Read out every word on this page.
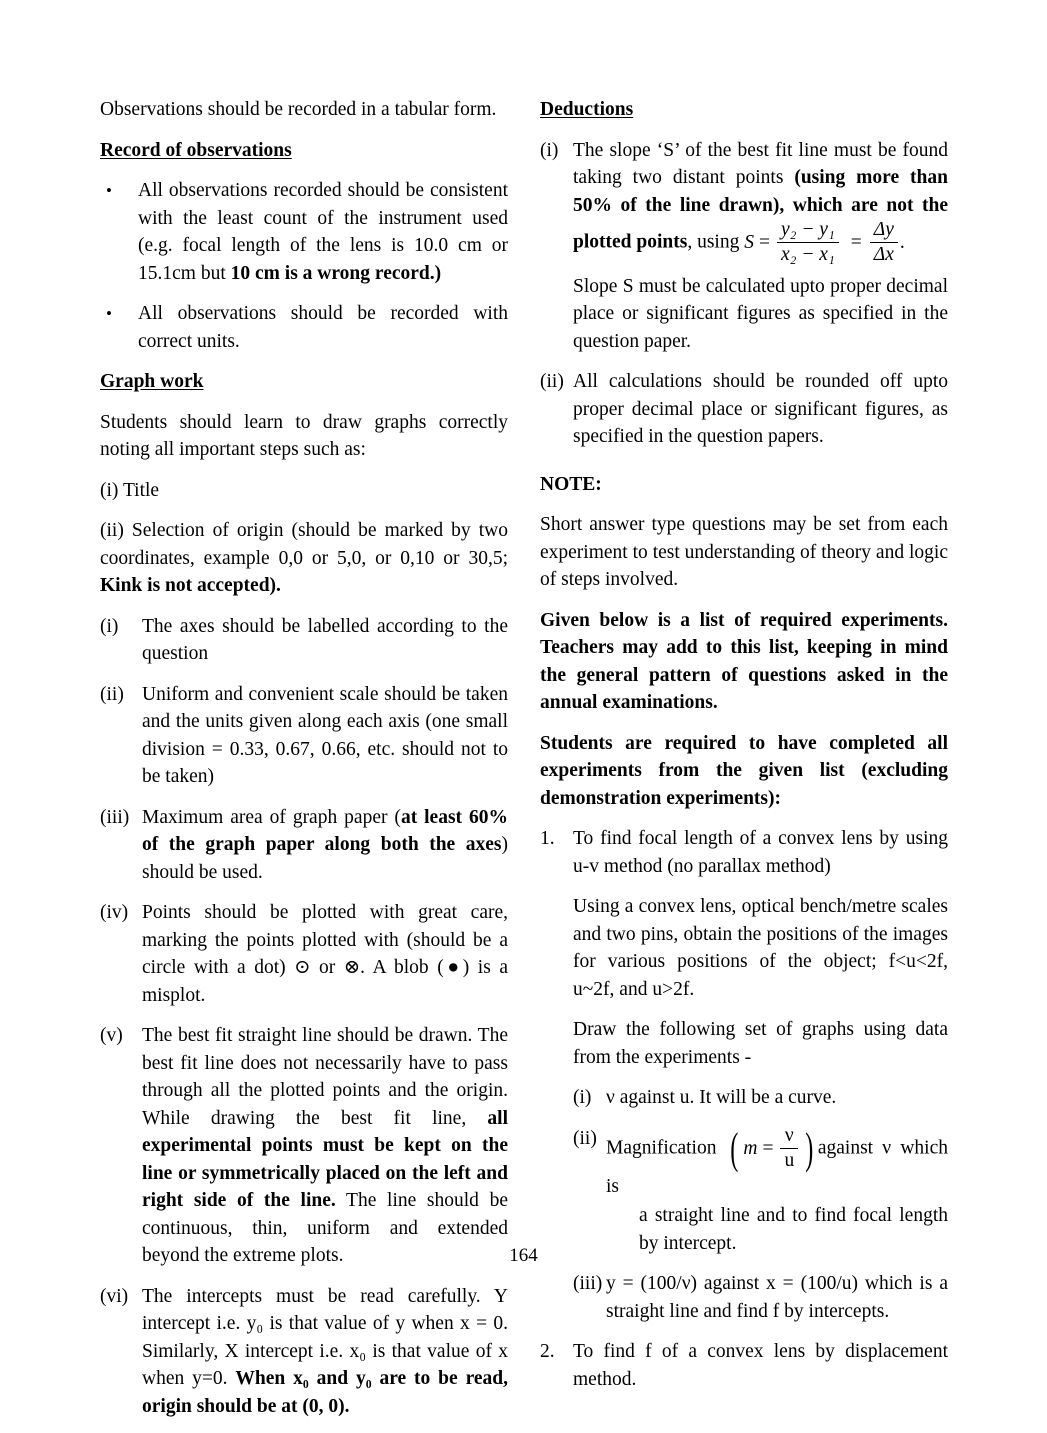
Observations should be recorded in a tabular form.

Record of observations
• All observations recorded should be consistent with the least count of the instrument used (e.g. focal length of the lens is 10.0 cm or 15.1cm but 10 cm is a wrong record.)
• All observations should be recorded with correct units.
Graph work

Students should learn to draw graphs correctly noting all important steps such as:

(i) Title

(ii) Selection of origin (should be marked by two coordinates, example 0,0 or 5,0, or 0,10 or 30,5; Kink is not accepted).

(i)	The axes should be labelled according to the question
(ii) Uniform and convenient scale should be taken and the units given along each axis (one small division = 0.33, 0.67, 0.66, etc. should not to be taken)
(iii) Maximum area of graph paper (at least 60% of the graph paper along both the axes) should be used.
(iv) Points should be plotted with great care, marking the points plotted with (should be a circle with a dot) ⊙ or ⊗. A blob (●) is a misplot.
(v) The best fit straight line should be drawn. The best fit line does not necessarily have to pass through all the plotted points and the origin. While drawing the best fit line, all experimental points must be kept on the line or symmetrically placed on the left and right side of the line. The line should be continuous, thin, uniform and extended beyond the extreme plots.
(vi) The intercepts must be read carefully. Y intercept i.e. y₀ is that value of y when x = 0. Similarly, X intercept i.e. x₀ is that value of x when y=0. When x₀ and y₀ are to be read, origin should be at (0, 0).
Deductions
(i) The slope ‘S’ of the best fit line must be found taking two distant points (using more than 50% of the line drawn), which are not the plotted points, using $S = \frac{\text{y₂ − y₁}}{\text{x₂ − x₁}} = \frac{\Delta y}{\Delta x}$ .
Slope S must be calculated upto proper decimal place or significant figures as specified in the question paper.
(ii) All calculations should be rounded off upto proper decimal place or significant figures, as specified in the question papers.
NOTE:

Short answer type questions may be set from each experiment to test understanding of theory and logic of steps involved.

Given below is a list of required experiments. Teachers may add to this list, keeping in mind the general pattern of questions asked in the annual examinations.

Students are required to have completed all experiments from the given list (excluding demonstration experiments):

1. To find focal length of a convex lens by using u-v method (no parallax method)
Using a convex lens, optical bench/metre scales and two pins, obtain the positions of the images for various positions of the object; f<u<2f, u~2f, and u>2f.
Draw the following set of graphs using data from the experiments -
(i) ν against u. It will be a curve.
(ii) Magnification ( $m = \frac{\nu}{u}$ ) against ν which is
a straight line and to find focal length by intercept.
(iii) y = (100/ν) against x = (100/u) which is a straight line and find f by intercepts.
2. To find f of a convex lens by displacement method.
164
